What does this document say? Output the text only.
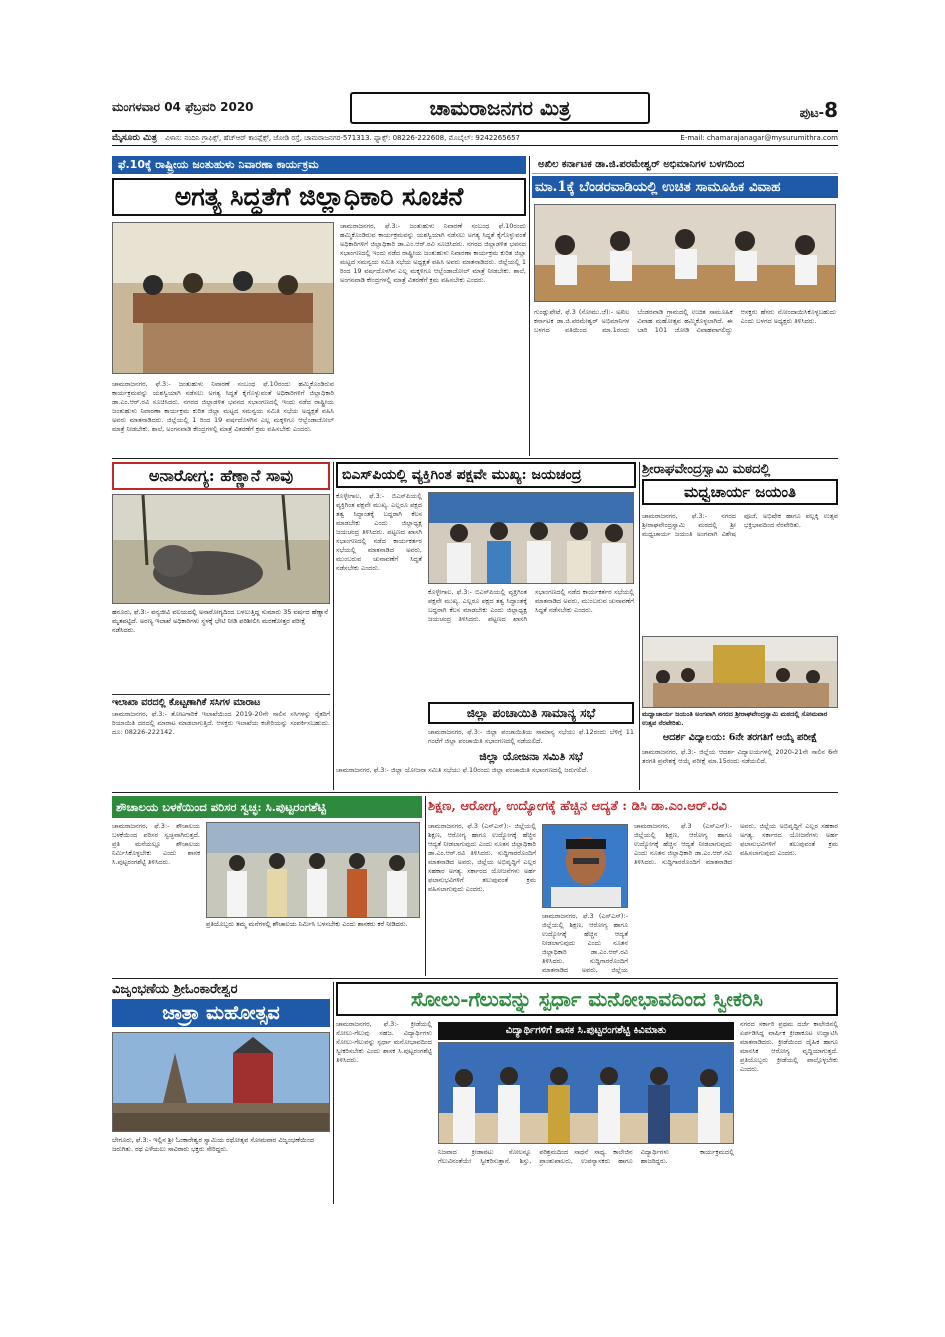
ಮಂಗಳವಾರ 04 ಫೆಬ್ರವರಿ 2020	ಚಾಮರಾಜನಗರ ಮಿತ್ರ	ಪುಟ-8
ಮೈಸೂರು ಮಿತ್ರ ವಿಳಾಸ: ನಂದಿನಿ ಗ್ರಾಫಿಕ್ಸ್, ಹೆಚ್‌ಆರ್ ಕಾಂಪ್ಲೆಕ್ಸ್, ಜೋಡಿ ರಸ್ತೆ, ಚಾಮರಾಜನಗರ-571313. ಫ್ಯಾಕ್ಸ್: 08226-222608, ಮೊಬೈಲ್: 9242265657	E-mail: chamarajanagar@mysurumithra.com
ಫೆ.10ಕ್ಕೆ ರಾಷ್ಟ್ರೀಯ ಜಂತುಹುಳು ನಿವಾರಣಾ ಕಾರ್ಯಕ್ರಮ
ಅಗತ್ಯ ಸಿದ್ಧತೆಗೆ ಜಿಲ್ಲಾಧಿಕಾರಿ ಸೂಚನೆ
ಚಾಮರಾಜನಗರ, ಫೆ.3:- ಜಂತುಹುಳು ನಿವಾರಣೆ ಸಂಬಂಧ ಫೆ.10ರಂದು ಹಮ್ಮಿಕೊಂಡಿರುವ ಕಾರ್ಯಕ್ರಮವನ್ನು ಯಶಸ್ವಿಯಾಗಿ ನಡೆಸಲು ಅಗತ್ಯ ಸಿದ್ಧತೆ ಕೈಗೊಳ್ಳುವಂತೆ ಅಧಿಕಾರಿಗಳಿಗೆ ಜಿಲ್ಲಾಧಿಕಾರಿ ಡಾ.ಎಂ.ಆರ್.ರವಿ ಸೂಚಿಸಿದರು. ನಗರದ ಜಿಲ್ಲಾಡಳಿತ ಭವನದ ಸಭಾಂಗಣದಲ್ಲಿ ಇಂದು ನಡೆದ ರಾಷ್ಟ್ರೀಯ ಜಂತುಹುಳು ನಿವಾರಣಾ ಕಾರ್ಯಕ್ರಮ ಕುರಿತ ಜಿಲ್ಲಾ ಮಟ್ಟದ ಸಮನ್ವಯ ಸಮಿತಿ ಸಭೆಯ ಅಧ್ಯಕ್ಷತೆ ವಹಿಸಿ ಅವರು ಮಾತನಾಡಿದರು. ಜಿಲ್ಲೆಯಲ್ಲಿ 1 ರಿಂದ 19 ವರ್ಷದೊಳಗಿನ ಎಲ್ಲ ಮಕ್ಕಳಿಗೂ ಆಲ್ಬೆಂಡಾಜೋಲ್ ಮಾತ್ರೆ ನೀಡಬೇಕು. ಶಾಲೆ, ಅಂಗನವಾಡಿ ಕೇಂದ್ರಗಳಲ್ಲಿ ಮಾತ್ರೆ ವಿತರಣೆಗೆ ಕ್ರಮ ವಹಿಸಬೇಕು ಎಂದರು.
ಚಾಮರಾಜನಗರ, ಫೆ.3:- ಜಂತುಹುಳು ನಿವಾರಣೆ ಸಂಬಂಧ ಫೆ.10ರಂದು ಹಮ್ಮಿಕೊಂಡಿರುವ ಕಾರ್ಯಕ್ರಮವನ್ನು ಯಶಸ್ವಿಯಾಗಿ ನಡೆಸಲು ಅಗತ್ಯ ಸಿದ್ಧತೆ ಕೈಗೊಳ್ಳುವಂತೆ ಅಧಿಕಾರಿಗಳಿಗೆ ಜಿಲ್ಲಾಧಿಕಾರಿ ಡಾ.ಎಂ.ಆರ್.ರವಿ ಸೂಚಿಸಿದರು. ನಗರದ ಜಿಲ್ಲಾಡಳಿತ ಭವನದ ಸಭಾಂಗಣದಲ್ಲಿ ಇಂದು ನಡೆದ ರಾಷ್ಟ್ರೀಯ ಜಂತುಹುಳು ನಿವಾರಣಾ ಕಾರ್ಯಕ್ರಮ ಕುರಿತ ಜಿಲ್ಲಾ ಮಟ್ಟದ ಸಮನ್ವಯ ಸಮಿತಿ ಸಭೆಯ ಅಧ್ಯಕ್ಷತೆ ವಹಿಸಿ ಅವರು ಮಾತನಾಡಿದರು. ಜಿಲ್ಲೆಯಲ್ಲಿ 1 ರಿಂದ 19 ವರ್ಷದೊಳಗಿನ ಎಲ್ಲ ಮಕ್ಕಳಿಗೂ ಆಲ್ಬೆಂಡಾಜೋಲ್ ಮಾತ್ರೆ ನೀಡಬೇಕು. ಶಾಲೆ, ಅಂಗನವಾಡಿ ಕೇಂದ್ರಗಳಲ್ಲಿ ಮಾತ್ರೆ ವಿತರಣೆಗೆ ಕ್ರಮ ವಹಿಸಬೇಕು ಎಂದರು.
ಅಖಿಲ ಕರ್ನಾಟಕ ಡಾ.ಜಿ.ಪರಮೇಶ್ವರ್ ಅಭಿಮಾನಿಗಳ ಬಳಗದಿಂದ
ಮಾ.1ಕ್ಕೆ ಬೆಂಡರವಾಡಿಯಲ್ಲಿ ಉಚಿತ ಸಾಮೂಹಿಕ ವಿವಾಹ
ಗುಂಡ್ಲುಪೇಟೆ, ಫೆ.3 (ಸೋಮು.ಜೆ):- ಅಖಿಲ ಕರ್ನಾಟಕ ಡಾ.ಜಿ.ಪರಮೇಶ್ವರ್ ಅಭಿಮಾನಿಗಳ ಬಳಗದ ವತಿಯಿಂದ ಮಾ.1ರಂದು ಬೆಂಡರವಾಡಿ ಗ್ರಾಮದಲ್ಲಿ ಉಚಿತ ಸಾಮೂಹಿಕ ವಿವಾಹ ಮಹೋತ್ಸವ ಹಮ್ಮಿಕೊಳ್ಳಲಾಗಿದೆ. ಈ ಬಾರಿ 101 ಜೋಡಿ ವಿವಾಹವಾಗಲಿದ್ದು ಆಸಕ್ತರು ಹೆಸರು ನೋಂದಾಯಿಸಿಕೊಳ್ಳಬಹುದು ಎಂದು ಬಳಗದ ಅಧ್ಯಕ್ಷರು ತಿಳಿಸಿದರು.
ಅನಾರೋಗ್ಯ: ಹೆಣ್ಣಾನೆ ಸಾವು
ಹನೂರು, ಫೆ.3:- ವನ್ಯಜೀವಿ ವಲಯದಲ್ಲಿ ಅನಾರೋಗ್ಯದಿಂದ ಬಳಲುತ್ತಿದ್ದ ಸುಮಾರು 35 ವರ್ಷದ ಹೆಣ್ಣಾನೆ ಮೃತಪಟ್ಟಿದೆ. ಅರಣ್ಯ ಇಲಾಖೆ ಅಧಿಕಾರಿಗಳು ಸ್ಥಳಕ್ಕೆ ಭೇಟಿ ನೀಡಿ ಪರಿಶೀಲಿಸಿ ಮರಣೋತ್ತರ ಪರೀಕ್ಷೆ ನಡೆಸಿದರು.
ಇಲಾಖಾ ವರದಲ್ಲಿ ಕೊಟ್ಟಣಾಗಿಕೆ ಸಸಿಗಳ ಮಾರಾಟ
ಚಾಮರಾಜನಗರ, ಫೆ.3:- ತೋಟಗಾರಿಕೆ ಇಲಾಖೆಯಿಂದ 2019-20ನೇ ಸಾಲಿನ ಸಸಿಗಳನ್ನು ರೈತರಿಗೆ ರಿಯಾಯಿತಿ ದರದಲ್ಲಿ ಮಾರಾಟ ಮಾಡಲಾಗುತ್ತಿದೆ. ಆಸಕ್ತರು ಇಲಾಖೆಯ ಕಚೇರಿಯನ್ನು ಸಂಪರ್ಕಿಸಬಹುದು. ದೂ: 08226-222142.
ಬಿಎಸ್‌ಪಿಯಲ್ಲಿ ವ್ಯಕ್ತಿಗಿಂತ ಪಕ್ಷವೇ ಮುಖ್ಯ: ಜಯಚಂದ್ರ
ಕೊಳ್ಳೇಗಾಲ, ಫೆ.3:- ಬಿಎಸ್‌ಪಿಯಲ್ಲಿ ವ್ಯಕ್ತಿಗಿಂತ ಪಕ್ಷವೇ ಮುಖ್ಯ. ಎಲ್ಲರೂ ಪಕ್ಷದ ತತ್ವ ಸಿದ್ಧಾಂತಕ್ಕೆ ಬದ್ಧರಾಗಿ ಕೆಲಸ ಮಾಡಬೇಕು ಎಂದು ಜಿಲ್ಲಾಧ್ಯಕ್ಷ ಜಯಚಂದ್ರ ತಿಳಿಸಿದರು. ಪಟ್ಟಣದ ಖಾಸಗಿ ಸಭಾಂಗಣದಲ್ಲಿ ನಡೆದ ಕಾರ್ಯಕರ್ತರ ಸಭೆಯಲ್ಲಿ ಮಾತನಾಡಿದ ಅವರು, ಮುಂಬರುವ ಚುನಾವಣೆಗೆ ಸಿದ್ಧತೆ ನಡೆಸಬೇಕು ಎಂದರು.
ಕೊಳ್ಳೇಗಾಲ, ಫೆ.3:- ಬಿಎಸ್‌ಪಿಯಲ್ಲಿ ವ್ಯಕ್ತಿಗಿಂತ ಪಕ್ಷವೇ ಮುಖ್ಯ. ಎಲ್ಲರೂ ಪಕ್ಷದ ತತ್ವ ಸಿದ್ಧಾಂತಕ್ಕೆ ಬದ್ಧರಾಗಿ ಕೆಲಸ ಮಾಡಬೇಕು ಎಂದು ಜಿಲ್ಲಾಧ್ಯಕ್ಷ ಜಯಚಂದ್ರ ತಿಳಿಸಿದರು. ಪಟ್ಟಣದ ಖಾಸಗಿ ಸಭಾಂಗಣದಲ್ಲಿ ನಡೆದ ಕಾರ್ಯಕರ್ತರ ಸಭೆಯಲ್ಲಿ ಮಾತನಾಡಿದ ಅವರು, ಮುಂಬರುವ ಚುನಾವಣೆಗೆ ಸಿದ್ಧತೆ ನಡೆಸಬೇಕು ಎಂದರು.
ಜಿಲ್ಲಾ ಪಂಚಾಯಿತಿ ಸಾಮಾನ್ಯ ಸಭೆ
ಚಾಮರಾಜನಗರ, ಫೆ.3:- ಜಿಲ್ಲಾ ಪಂಚಾಯಿತಿಯ ಸಾಮಾನ್ಯ ಸಭೆಯು ಫೆ.12ರಂದು ಬೆಳಿಗ್ಗೆ 11 ಗಂಟೆಗೆ ಜಿಲ್ಲಾ ಪಂಚಾಯಿತಿ ಸಭಾಂಗಣದಲ್ಲಿ ನಡೆಯಲಿದೆ.
ಜಿಲ್ಲಾ ಯೋಜನಾ ಸಮಿತಿ ಸಭೆ
ಚಾಮರಾಜನಗರ, ಫೆ.3:- ಜಿಲ್ಲಾ ಯೋಜನಾ ಸಮಿತಿ ಸಭೆಯು ಫೆ.10ರಂದು ಜಿಲ್ಲಾ ಪಂಚಾಯಿತಿ ಸಭಾಂಗಣದಲ್ಲಿ ಜರುಗಲಿದೆ.
ಶ್ರೀರಾಘವೇಂದ್ರಸ್ವಾಮಿ ಮಠದಲ್ಲಿ
ಮಧ್ವಚಾರ್ಯ ಜಯಂತಿ
ಚಾಮರಾಜನಗರ, ಫೆ.3:- ನಗರದ ಶ್ರೀರಾಘವೇಂದ್ರಸ್ವಾಮಿ ಮಠದಲ್ಲಿ ಶ್ರೀ ಮಧ್ವಚಾರ್ಯ ಜಯಂತಿ ಅಂಗವಾಗಿ ವಿಶೇಷ ಪೂಜೆ, ಅಭಿಷೇಕ ಹಾಗೂ ಪಲ್ಲಕ್ಕಿ ಉತ್ಸವ ಭಕ್ತಿಭಾವದಿಂದ ನೆರವೇರಿತು.
ಮಧ್ವಾಚಾರ್ಯ ಜಯಂತಿ ಅಂಗವಾಗಿ ನಗರದ ಶ್ರೀರಾಘವೇಂದ್ರಸ್ವಾಮಿ ಮಠದಲ್ಲಿ ಸೋಮವಾರ ಉತ್ಸವ ನೆರವೇರಿತು.
ಆದರ್ಶ ವಿದ್ಯಾಲಯ: 6ನೇ ತರಗತಿಗೆ ಆಯ್ಕೆ ಪರೀಕ್ಷೆ
ಚಾಮರಾಜನಗರ, ಫೆ.3:- ಜಿಲ್ಲೆಯ ಆದರ್ಶ ವಿದ್ಯಾಲಯಗಳಲ್ಲಿ 2020-21ನೇ ಸಾಲಿನ 6ನೇ ತರಗತಿ ಪ್ರವೇಶಕ್ಕೆ ಆಯ್ಕೆ ಪರೀಕ್ಷೆ ಮಾ.15ರಂದು ನಡೆಯಲಿದೆ.
ಶೌಚಾಲಯ ಬಳಕೆಯಿಂದ ಪರಿಸರ ಸ್ವಚ್ಛ: ಸಿ.ಪುಟ್ಟರಂಗಶೆಟ್ಟಿ
ಚಾಮರಾಜನಗರ, ಫೆ.3:- ಶೌಚಾಲಯ ಬಳಕೆಯಿಂದ ಪರಿಸರ ಸ್ವಚ್ಛವಾಗಿರುತ್ತದೆ. ಪ್ರತಿ ಮನೆಯಲ್ಲೂ ಶೌಚಾಲಯ ನಿರ್ಮಿಸಿಕೊಳ್ಳಬೇಕು ಎಂದು ಶಾಸಕ ಸಿ.ಪುಟ್ಟರಂಗಶೆಟ್ಟಿ ತಿಳಿಸಿದರು.
ಪ್ರತಿಯೊಬ್ಬರು ತಮ್ಮ ಮನೆಗಳಲ್ಲಿ ಶೌಚಾಲಯ ನಿರ್ಮಿಸಿ ಬಳಸಬೇಕು ಎಂದು ಶಾಸಕರು ಕರೆ ನೀಡಿದರು.
ಶಿಕ್ಷಣ, ಆರೋಗ್ಯ, ಉದ್ಯೋಗಕ್ಕೆ ಹೆಚ್ಚಿನ ಆದ್ಯತೆ : ಡಿಸಿ ಡಾ.ಎಂ.ಆರ್.ರವಿ
ಚಾಮರಾಜನಗರ, ಫೆ.3 (ಎಸ್‌ಎಸ್):- ಜಿಲ್ಲೆಯಲ್ಲಿ ಶಿಕ್ಷಣ, ಆರೋಗ್ಯ ಹಾಗೂ ಉದ್ಯೋಗಕ್ಕೆ ಹೆಚ್ಚಿನ ಆದ್ಯತೆ ನೀಡಲಾಗುವುದು ಎಂದು ನೂತನ ಜಿಲ್ಲಾಧಿಕಾರಿ ಡಾ.ಎಂ.ಆರ್.ರವಿ ತಿಳಿಸಿದರು. ಸುದ್ದಿಗಾರರೊಂದಿಗೆ ಮಾತನಾಡಿದ ಅವರು, ಜಿಲ್ಲೆಯ ಅಭಿವೃದ್ಧಿಗೆ ಎಲ್ಲರ ಸಹಕಾರ ಅಗತ್ಯ. ಸರ್ಕಾರದ ಯೋಜನೆಗಳು ಅರ್ಹ ಫಲಾನುಭವಿಗಳಿಗೆ ತಲುಪುವಂತೆ ಕ್ರಮ ವಹಿಸಲಾಗುವುದು ಎಂದರು.
ಚಾಮರಾಜನಗರ, ಫೆ.3 (ಎಸ್‌ಎಸ್):- ಜಿಲ್ಲೆಯಲ್ಲಿ ಶಿಕ್ಷಣ, ಆರೋಗ್ಯ ಹಾಗೂ ಉದ್ಯೋಗಕ್ಕೆ ಹೆಚ್ಚಿನ ಆದ್ಯತೆ ನೀಡಲಾಗುವುದು ಎಂದು ನೂತನ ಜಿಲ್ಲಾಧಿಕಾರಿ ಡಾ.ಎಂ.ಆರ್.ರವಿ ತಿಳಿಸಿದರು. ಸುದ್ದಿಗಾರರೊಂದಿಗೆ ಮಾತನಾಡಿದ ಅವರು, ಜಿಲ್ಲೆಯ
ಚಾಮರಾಜನಗರ, ಫೆ.3 (ಎಸ್‌ಎಸ್):- ಜಿಲ್ಲೆಯಲ್ಲಿ ಶಿಕ್ಷಣ, ಆರೋಗ್ಯ ಹಾಗೂ ಉದ್ಯೋಗಕ್ಕೆ ಹೆಚ್ಚಿನ ಆದ್ಯತೆ ನೀಡಲಾಗುವುದು ಎಂದು ನೂತನ ಜಿಲ್ಲಾಧಿಕಾರಿ ಡಾ.ಎಂ.ಆರ್.ರವಿ ತಿಳಿಸಿದರು. ಸುದ್ದಿಗಾರರೊಂದಿಗೆ ಮಾತನಾಡಿದ ಅವರು, ಜಿಲ್ಲೆಯ ಅಭಿವೃದ್ಧಿಗೆ ಎಲ್ಲರ ಸಹಕಾರ ಅಗತ್ಯ. ಸರ್ಕಾರದ ಯೋಜನೆಗಳು ಅರ್ಹ ಫಲಾನುಭವಿಗಳಿಗೆ ತಲುಪುವಂತೆ ಕ್ರಮ ವಹಿಸಲಾಗುವುದು ಎಂದರು.
ವಿಜೃಂಭಣೆಯ ಶ್ರೀಓಂಕಾರೇಶ್ವರ
ಜಾತ್ರಾ ಮಹೋತ್ಸವ
ಬೇಗೂರು, ಫೆ.3:- ಇಲ್ಲಿನ ಶ್ರೀ ಓಂಕಾರೇಶ್ವರ ಸ್ವಾಮಿಯ ರಥೋತ್ಸವ ಸೋಮವಾರ ವಿಜೃಂಭಣೆಯಿಂದ ಜರುಗಿತು. ರಥ ಎಳೆಯಲು ಸಾವಿರಾರು ಭಕ್ತರು ಸೇರಿದ್ದರು.
ಸೋಲು-ಗೆಲುವನ್ನು ಸ್ಪರ್ಧಾ ಮನೋಭಾವದಿಂದ ಸ್ವೀಕರಿಸಿ
ಚಾಮರಾಜನಗರ, ಫೆ.3:- ಕ್ರೀಡೆಯಲ್ಲಿ ಸೋಲು-ಗೆಲುವು ಸಹಜ. ವಿದ್ಯಾರ್ಥಿಗಳು ಸೋಲು-ಗೆಲುವನ್ನು ಸ್ಪರ್ಧಾ ಮನೋಭಾವದಿಂದ ಸ್ವೀಕರಿಸಬೇಕು ಎಂದು ಶಾಸಕ ಸಿ.ಪುಟ್ಟರಂಗಶೆಟ್ಟಿ ತಿಳಿಸಿದರು.
ವಿದ್ಯಾರ್ಥಿಗಳಿಗೆ ಶಾಸಕ ಸಿ.ಪುಟ್ಟರಂಗಶೆಟ್ಟಿ ಕಿವಿಮಾತು
ನಿಜವಾದ ಕ್ರೀಡಾಪಟು ಸೋಲನ್ನೂ ಗೆಲುವಿನಂತೆಯೇ ಸ್ವೀಕರಿಸುತ್ತಾನೆ. ಶಿಸ್ತು, ಪರಿಶ್ರಮದಿಂದ ಸಾಧನೆ ಸಾಧ್ಯ. ಕಾಲೇಜಿನ ಪ್ರಾಂಶುಪಾಲರು, ಉಪನ್ಯಾಸಕರು ಹಾಗೂ ವಿದ್ಯಾರ್ಥಿಗಳು ಕಾರ್ಯಕ್ರಮದಲ್ಲಿ ಹಾಜರಿದ್ದರು.
ನಗರದ ಸರ್ಕಾರಿ ಪ್ರಥಮ ದರ್ಜೆ ಕಾಲೇಜಿನಲ್ಲಿ ಏರ್ಪಡಿಸಿದ್ದ ವಾರ್ಷಿಕ ಕ್ರೀಡಾಕೂಟ ಉದ್ಘಾಟಿಸಿ ಮಾತನಾಡಿದರು. ಕ್ರೀಡೆಯಿಂದ ದೈಹಿಕ ಹಾಗೂ ಮಾನಸಿಕ ಆರೋಗ್ಯ ವೃದ್ಧಿಯಾಗುತ್ತದೆ. ಪ್ರತಿಯೊಬ್ಬರು ಕ್ರೀಡೆಯಲ್ಲಿ ಪಾಲ್ಗೊಳ್ಳಬೇಕು ಎಂದರು.
